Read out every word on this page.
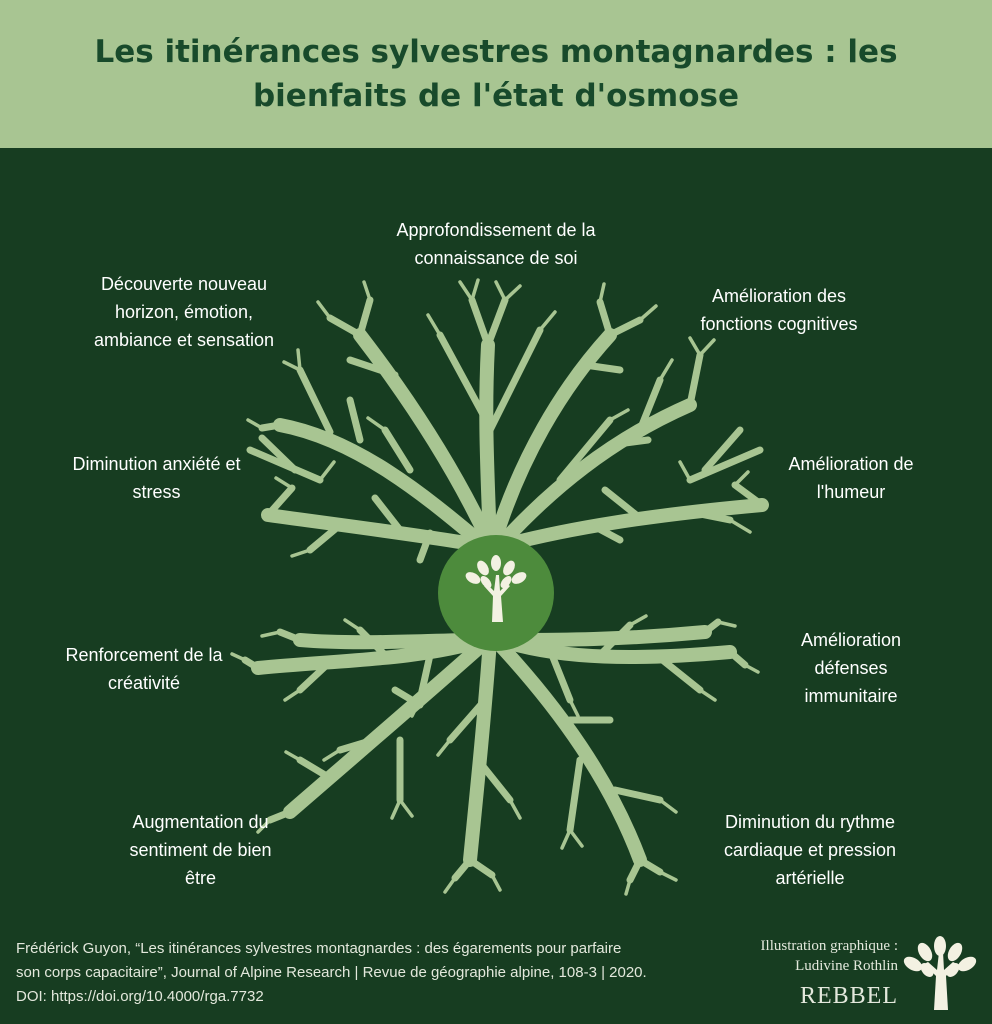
Les itinérances sylvestres montagnardes : les bienfaits de l'état d'osmose
Approfondissement de la connaissance de soi
Découverte nouveau horizon, émotion, ambiance et sensation
Amélioration des fonctions cognitives
Diminution anxiété et stress
Amélioration de l'humeur
Renforcement de la créativité
Amélioration défenses immunitaire
Augmentation du sentiment de bien être
Diminution du rythme cardiaque et pression artérielle
Frédérick Guyon, “Les itinérances sylvestres montagnardes : des égarements pour parfaire
son corps capacitaire”, Journal of Alpine Research | Revue de géographie alpine, 108-3 | 2020.
DOI: https://doi.org/10.4000/rga.7732
Illustration graphique :
Ludivine Rothlin
REBBEL
